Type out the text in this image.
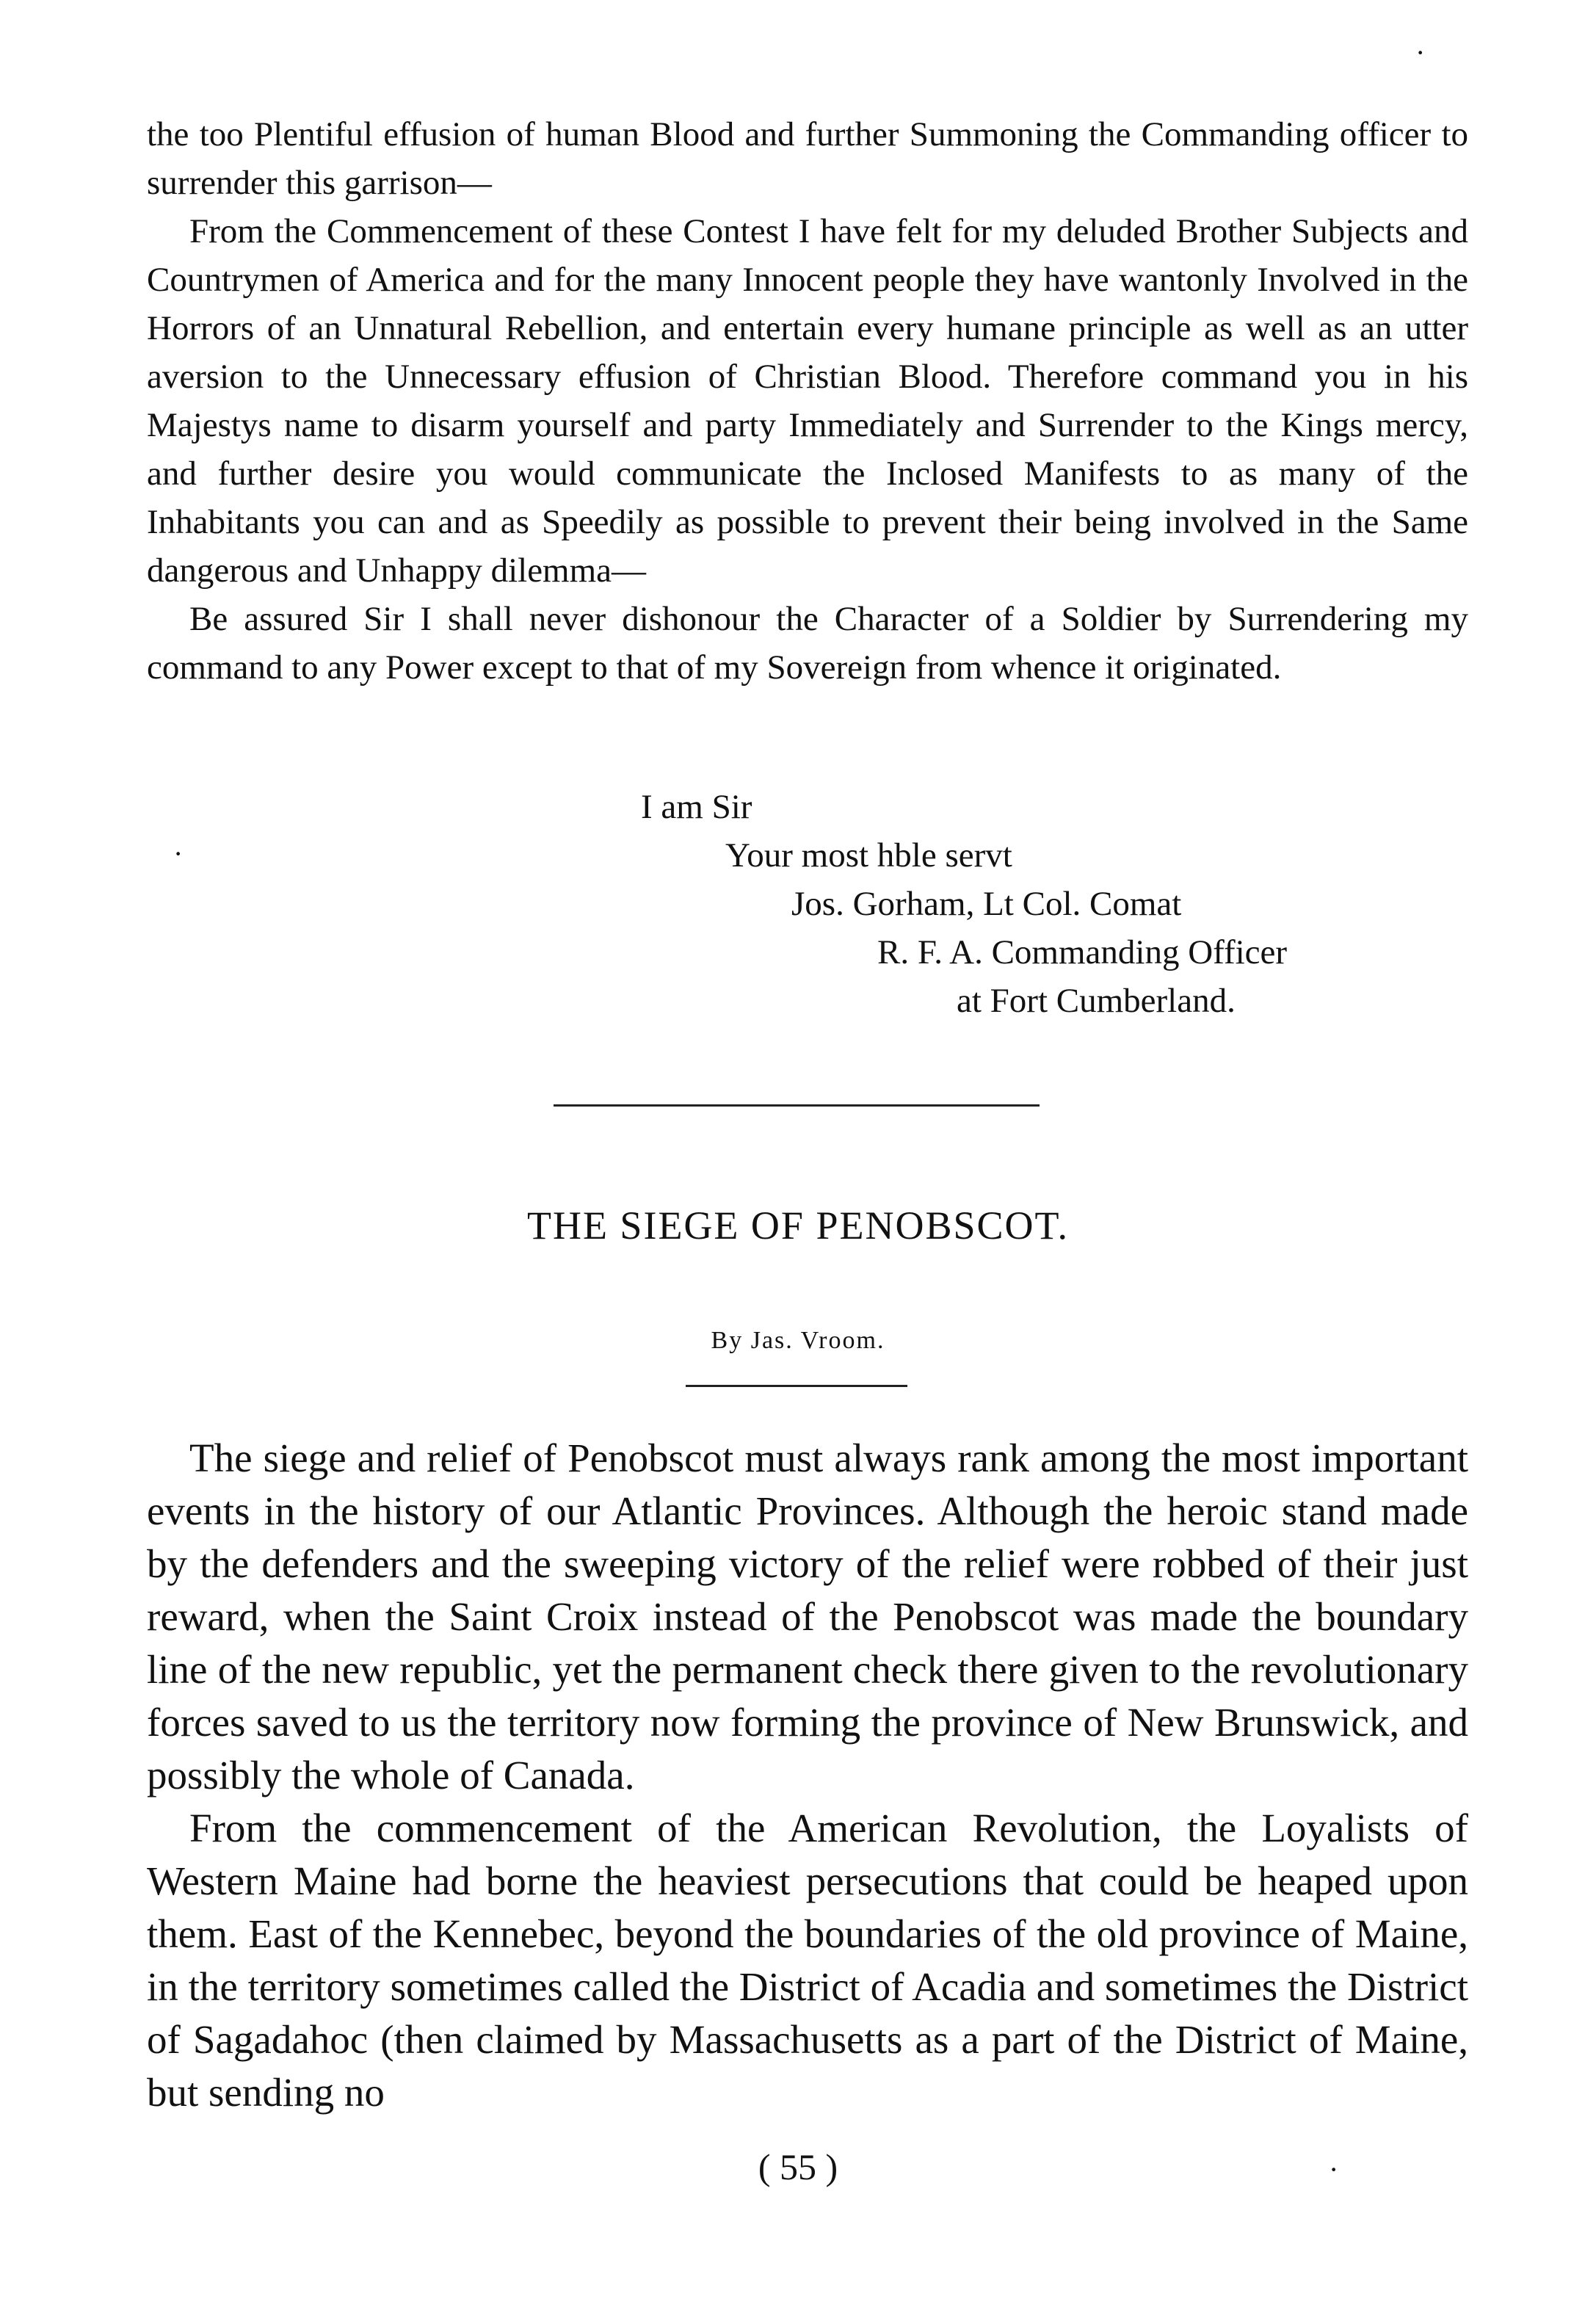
·
·
·

the too Plentiful effusion of human Blood and further Summoning the Commanding officer to surrender this garrison—

From the Commencement of these Contest I have felt for my deluded Brother Subjects and Countrymen of America and for the many Innocent people they have wantonly Involved in the Horrors of an Unnatural Rebellion, and entertain every humane principle as well as an utter aversion to the Unnecessary effusion of Christian Blood. Therefore command you in his Majestys name to disarm yourself and party Immediately and Surrender to the Kings mercy, and further desire you would communicate the Inclosed Manifests to as many of the Inhabitants you can and as Speedily as possible to prevent their being involved in the Same dangerous and Unhappy dilemma—

Be assured Sir I shall never dishonour the Character of a Soldier by Surrendering my command to any Power except to that of my Sovereign from whence it originated.

I am Sir
Your most hble servt
Jos. Gorham, Lt Col. Comat
R. F. A. Commanding Officer
at Fort Cumberland.
THE SIEGE OF PENOBSCOT.
By Jas. Vroom.

The siege and relief of Penobscot must always rank among the most important events in the history of our Atlantic Provinces. Although the heroic stand made by the defenders and the sweeping victory of the relief were robbed of their just reward, when the Saint Croix instead of the Penobscot was made the boundary line of the new republic, yet the permanent check there given to the revolutionary forces saved to us the territory now forming the province of New Brunswick, and possibly the whole of Canada.

From the commencement of the American Revolution, the Loyalists of Western Maine had borne the heaviest persecutions that could be heaped upon them. East of the Kennebec, beyond the boundaries of the old province of Maine, in the territory sometimes called the District of Acadia and sometimes the District of Sagadahoc (then claimed by Massachusetts as a part of the District of Maine, but sending no

( 55 )
